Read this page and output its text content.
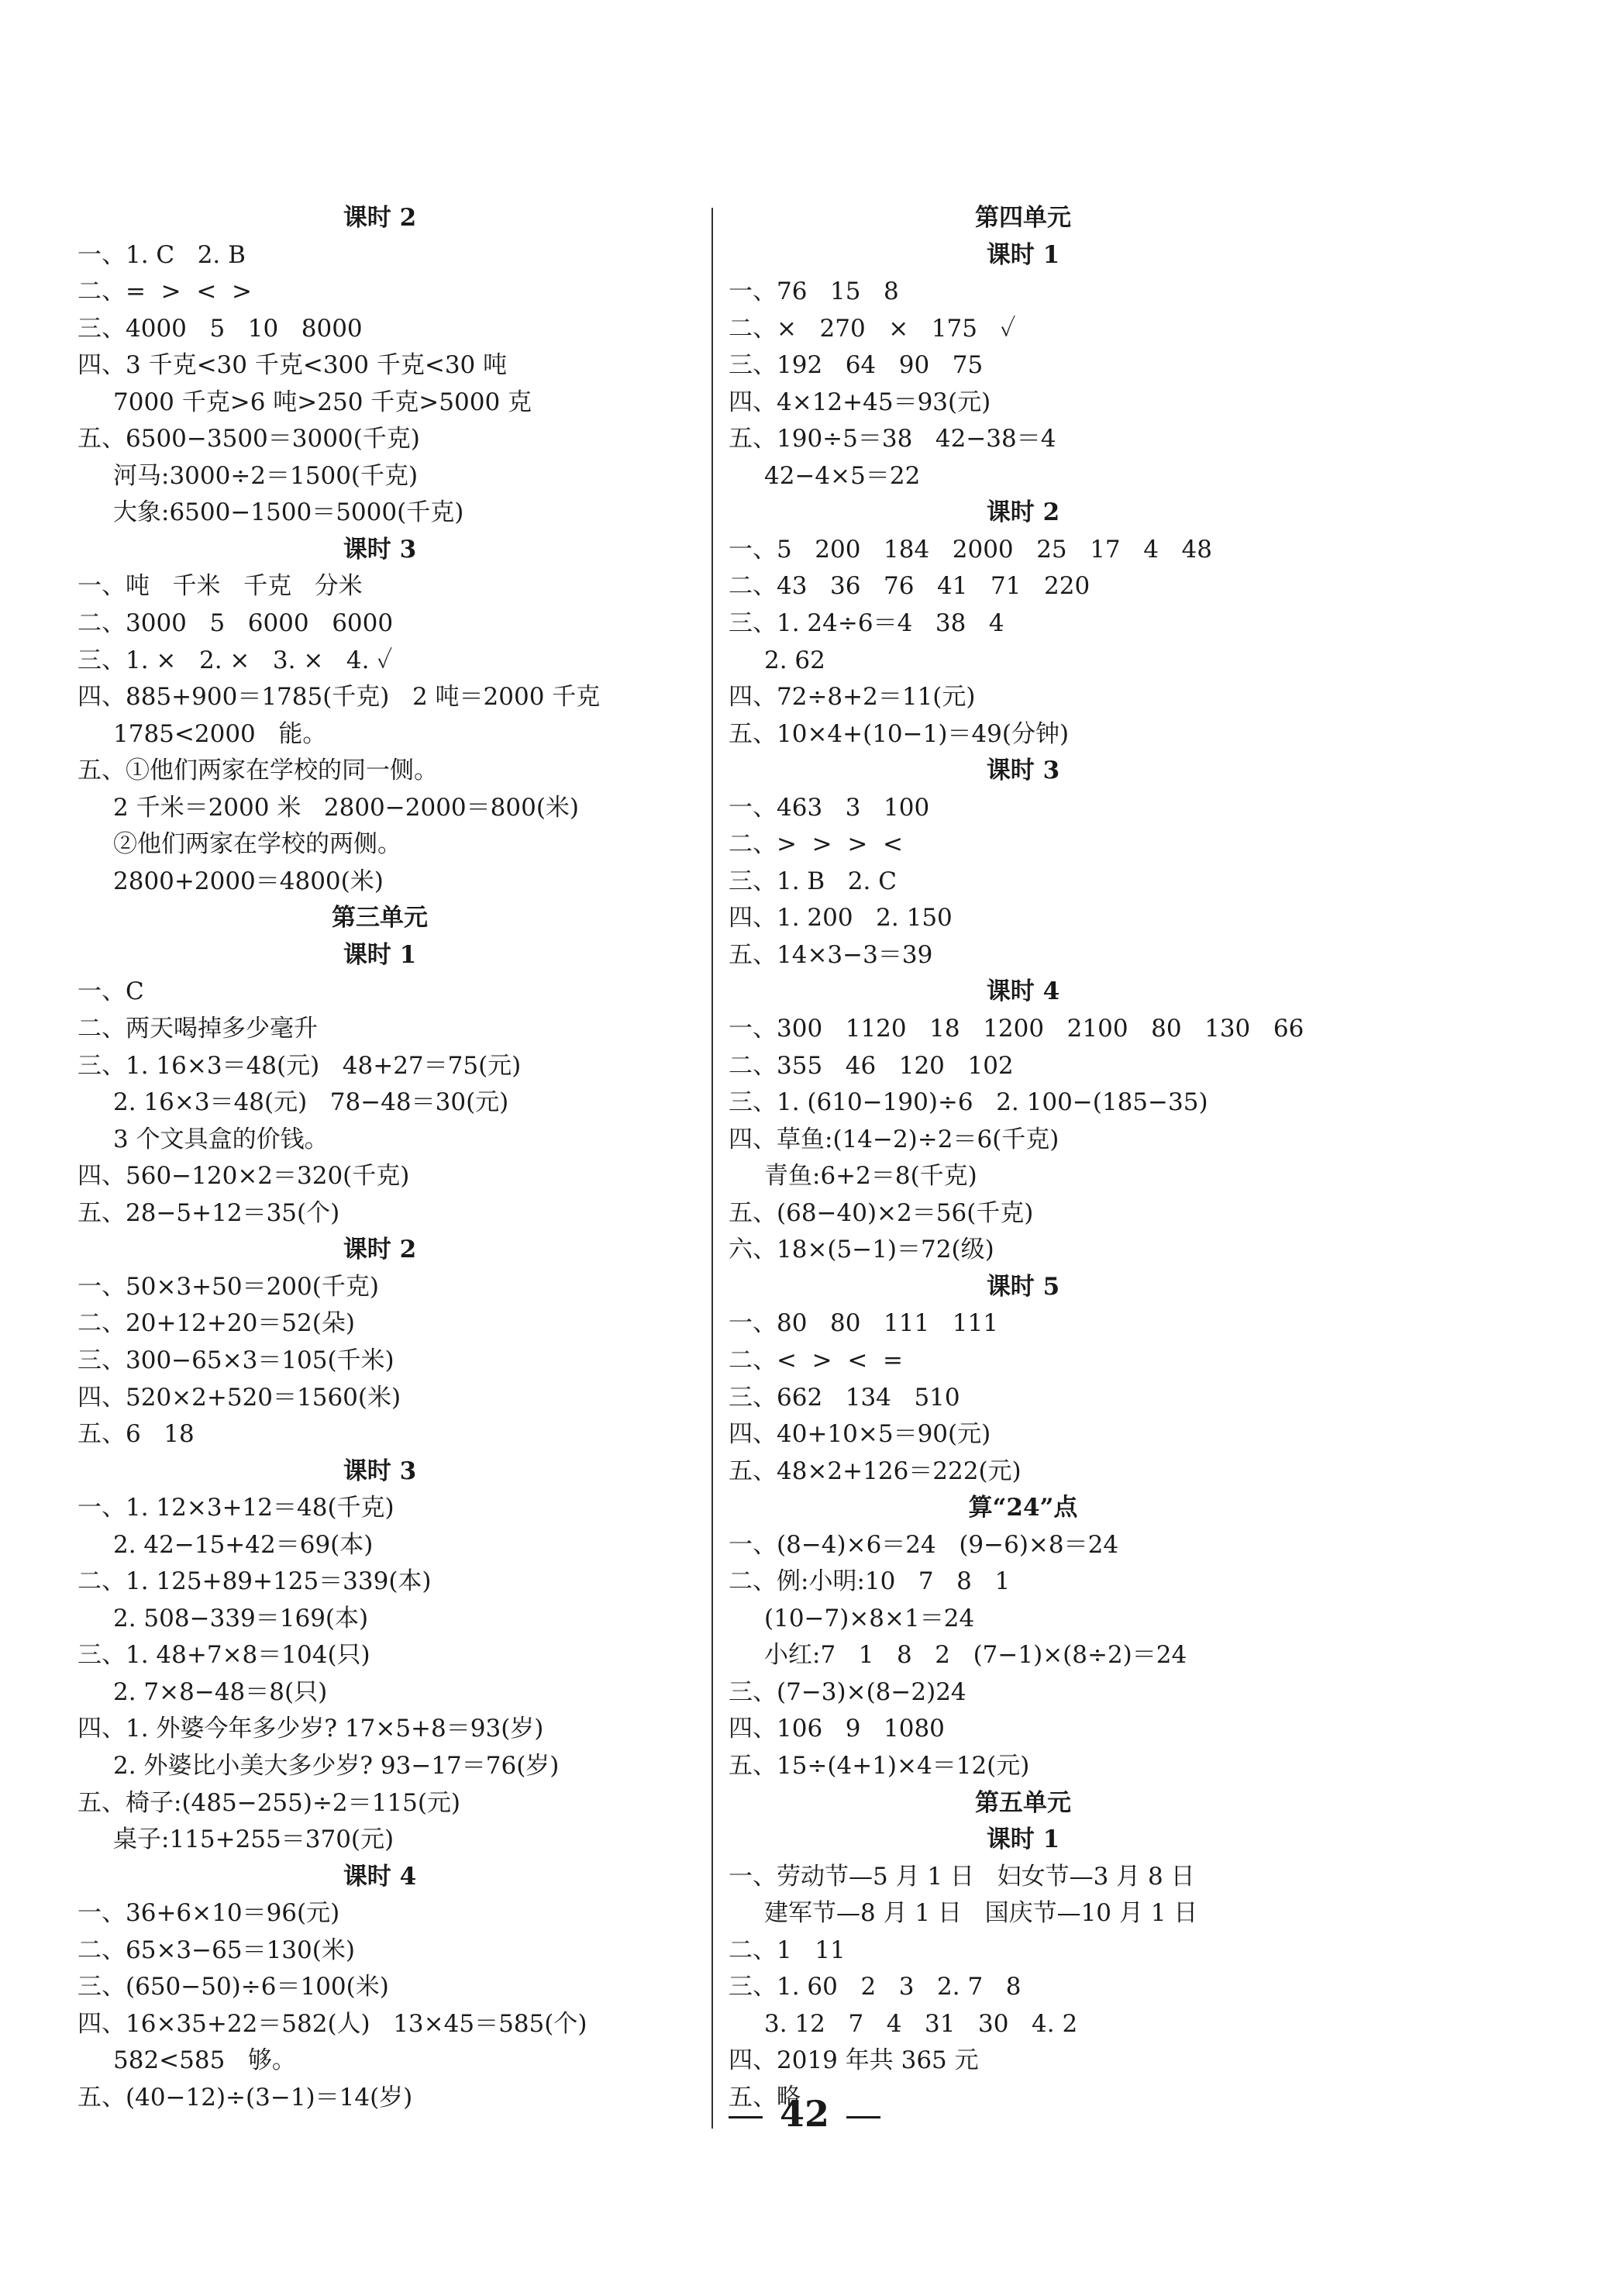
课时 2
一、1. C   2. B
二、=  >  <  >
三、4000   5   10   8000
四、3 千克<30 千克<300 千克<30 吨
7000 千克>6 吨>250 千克>5000 克
五、6500−3500＝3000(千克)
河马:3000÷2＝1500(千克)
大象:6500−1500＝5000(千克)
课时 3
一、吨   千米   千克   分米
二、3000   5   6000   6000
三、1. ×   2. ×   3. ×   4. ✓
四、885+900＝1785(千克)   2 吨＝2000 千克
1785<2000   能。
五、①他们两家在学校的同一侧。
2 千米＝2000 米   2800−2000＝800(米)
②他们两家在学校的两侧。
2800+2000＝4800(米)
第三单元
课时 1
一、C
二、两天喝掉多少毫升
三、1. 16×3＝48(元)   48+27＝75(元)
2. 16×3＝48(元)   78−48＝30(元)
3 个文具盒的价钱。
四、560−120×2＝320(千克)
五、28−5+12＝35(个)
课时 2
一、50×3+50＝200(千克)
二、20+12+20＝52(朵)
三、300−65×3＝105(千米)
四、520×2+520＝1560(米)
五、6   18
课时 3
一、1. 12×3+12＝48(千克)
2. 42−15+42＝69(本)
二、1. 125+89+125＝339(本)
2. 508−339＝169(本)
三、1. 48+7×8＝104(只)
2. 7×8−48＝8(只)
四、1. 外婆今年多少岁? 17×5+8＝93(岁)
2. 外婆比小美大多少岁? 93−17＝76(岁)
五、椅子:(485−255)÷2＝115(元)
桌子:115+255＝370(元)
课时 4
一、36+6×10＝96(元)
二、65×3−65＝130(米)
三、(650−50)÷6＝100(米)
四、16×35+22＝582(人)   13×45＝585(个)
582<585   够。
五、(40−12)÷(3−1)＝14(岁)
第四单元
课时 1
一、76   15   8
二、×   270   ×   175   ✓
三、192   64   90   75
四、4×12+45＝93(元)
五、190÷5＝38   42−38＝4
42−4×5＝22
课时 2
一、5   200   184   2000   25   17   4   48
二、43   36   76   41   71   220
三、1. 24÷6＝4   38   4
2. 62
四、72÷8+2＝11(元)
五、10×4+(10−1)＝49(分钟)
课时 3
一、463   3   100
二、>  >  >  <
三、1. B   2. C
四、1. 200   2. 150
五、14×3−3＝39
课时 4
一、300   1120   18   1200   2100   80   130   66
二、355   46   120   102
三、1. (610−190)÷6   2. 100−(185−35)
四、草鱼:(14−2)÷2＝6(千克)
青鱼:6+2＝8(千克)
五、(68−40)×2＝56(千克)
六、18×(5−1)＝72(级)
课时 5
一、80   80   111   111
二、<  >  <  =
三、662   134   510
四、40+10×5＝90(元)
五、48×2+126＝222(元)
算“24”点
一、(8−4)×6＝24   (9−6)×8＝24
二、例:小明:10   7   8   1
(10−7)×8×1＝24
小红:7   1   8   2   (7−1)×(8÷2)＝24
三、(7−3)×(8−2)24
四、106   9   1080
五、15÷(4+1)×4＝12(元)
第五单元
课时 1
一、劳动节—5 月 1 日   妇女节—3 月 8 日
建军节—8 月 1 日   国庆节—10 月 1 日
二、1   11
三、1. 60   2   3   2. 7   8
3. 12   7   4   31   30   4. 2
四、2019 年共 365 元
五、略
42
